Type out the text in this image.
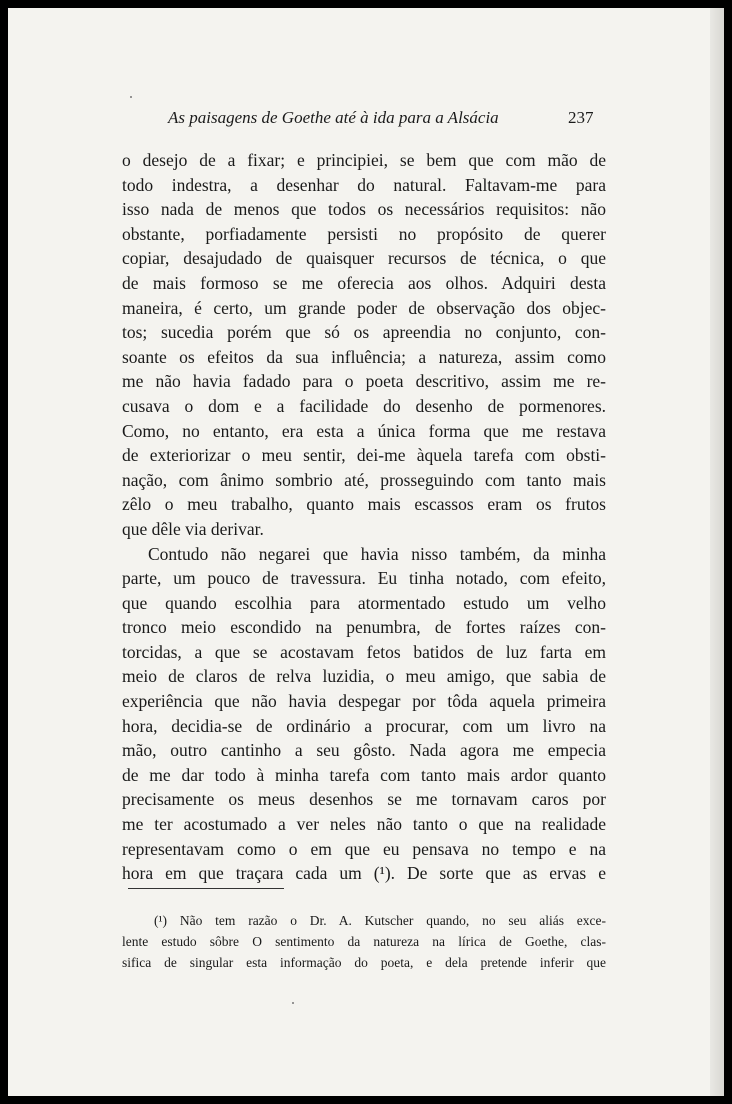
As paisagens de Goethe até à ida para a Alsácia	237
o desejo de a fixar; e principiei, se bem que com mão de
todo indestra, a desenhar do natural. Faltavam-me para
isso nada de menos que todos os necessários requisitos: não
obstante, porfiadamente persisti no propósito de querer
copiar, desajudado de quaisquer recursos de técnica, o que
de mais formoso se me oferecia aos olhos. Adquiri desta
maneira, é certo, um grande poder de observação dos objec-
tos; sucedia porém que só os apreendia no conjunto, con-
soante os efeitos da sua influência; a natureza, assim como
me não havia fadado para o poeta descritivo, assim me re-
cusava o dom e a facilidade do desenho de pormenores.
Como, no entanto, era esta a única forma que me restava
de exteriorizar o meu sentir, dei-me àquela tarefa com obsti-
nação, com ânimo sombrio até, prosseguindo com tanto mais
zêlo o meu trabalho, quanto mais escassos eram os frutos
que dêle via derivar.
Contudo não negarei que havia nisso também, da minha
parte, um pouco de travessura. Eu tinha notado, com efeito,
que quando escolhia para atormentado estudo um velho
tronco meio escondido na penumbra, de fortes raízes con-
torcidas, a que se acostavam fetos batidos de luz farta em
meio de claros de relva luzidia, o meu amigo, que sabia de
experiência que não havia despegar por tôda aquela primeira
hora, decidia-se de ordinário a procurar, com um livro na
mão, outro cantinho a seu gôsto. Nada agora me empecia
de me dar todo à minha tarefa com tanto mais ardor quanto
precisamente os meus desenhos se me tornavam caros por
me ter acostumado a ver neles não tanto o que na realidade
representavam como o em que eu pensava no tempo e na
hora em que traçara cada um (¹). De sorte que as ervas e
(¹) Não tem razão o Dr. A. Kutscher quando, no seu aliás exce-
lente estudo sôbre O sentimento da natureza na lírica de Goethe, clas-
sifica de singular esta informação do poeta, e dela pretende inferir que
